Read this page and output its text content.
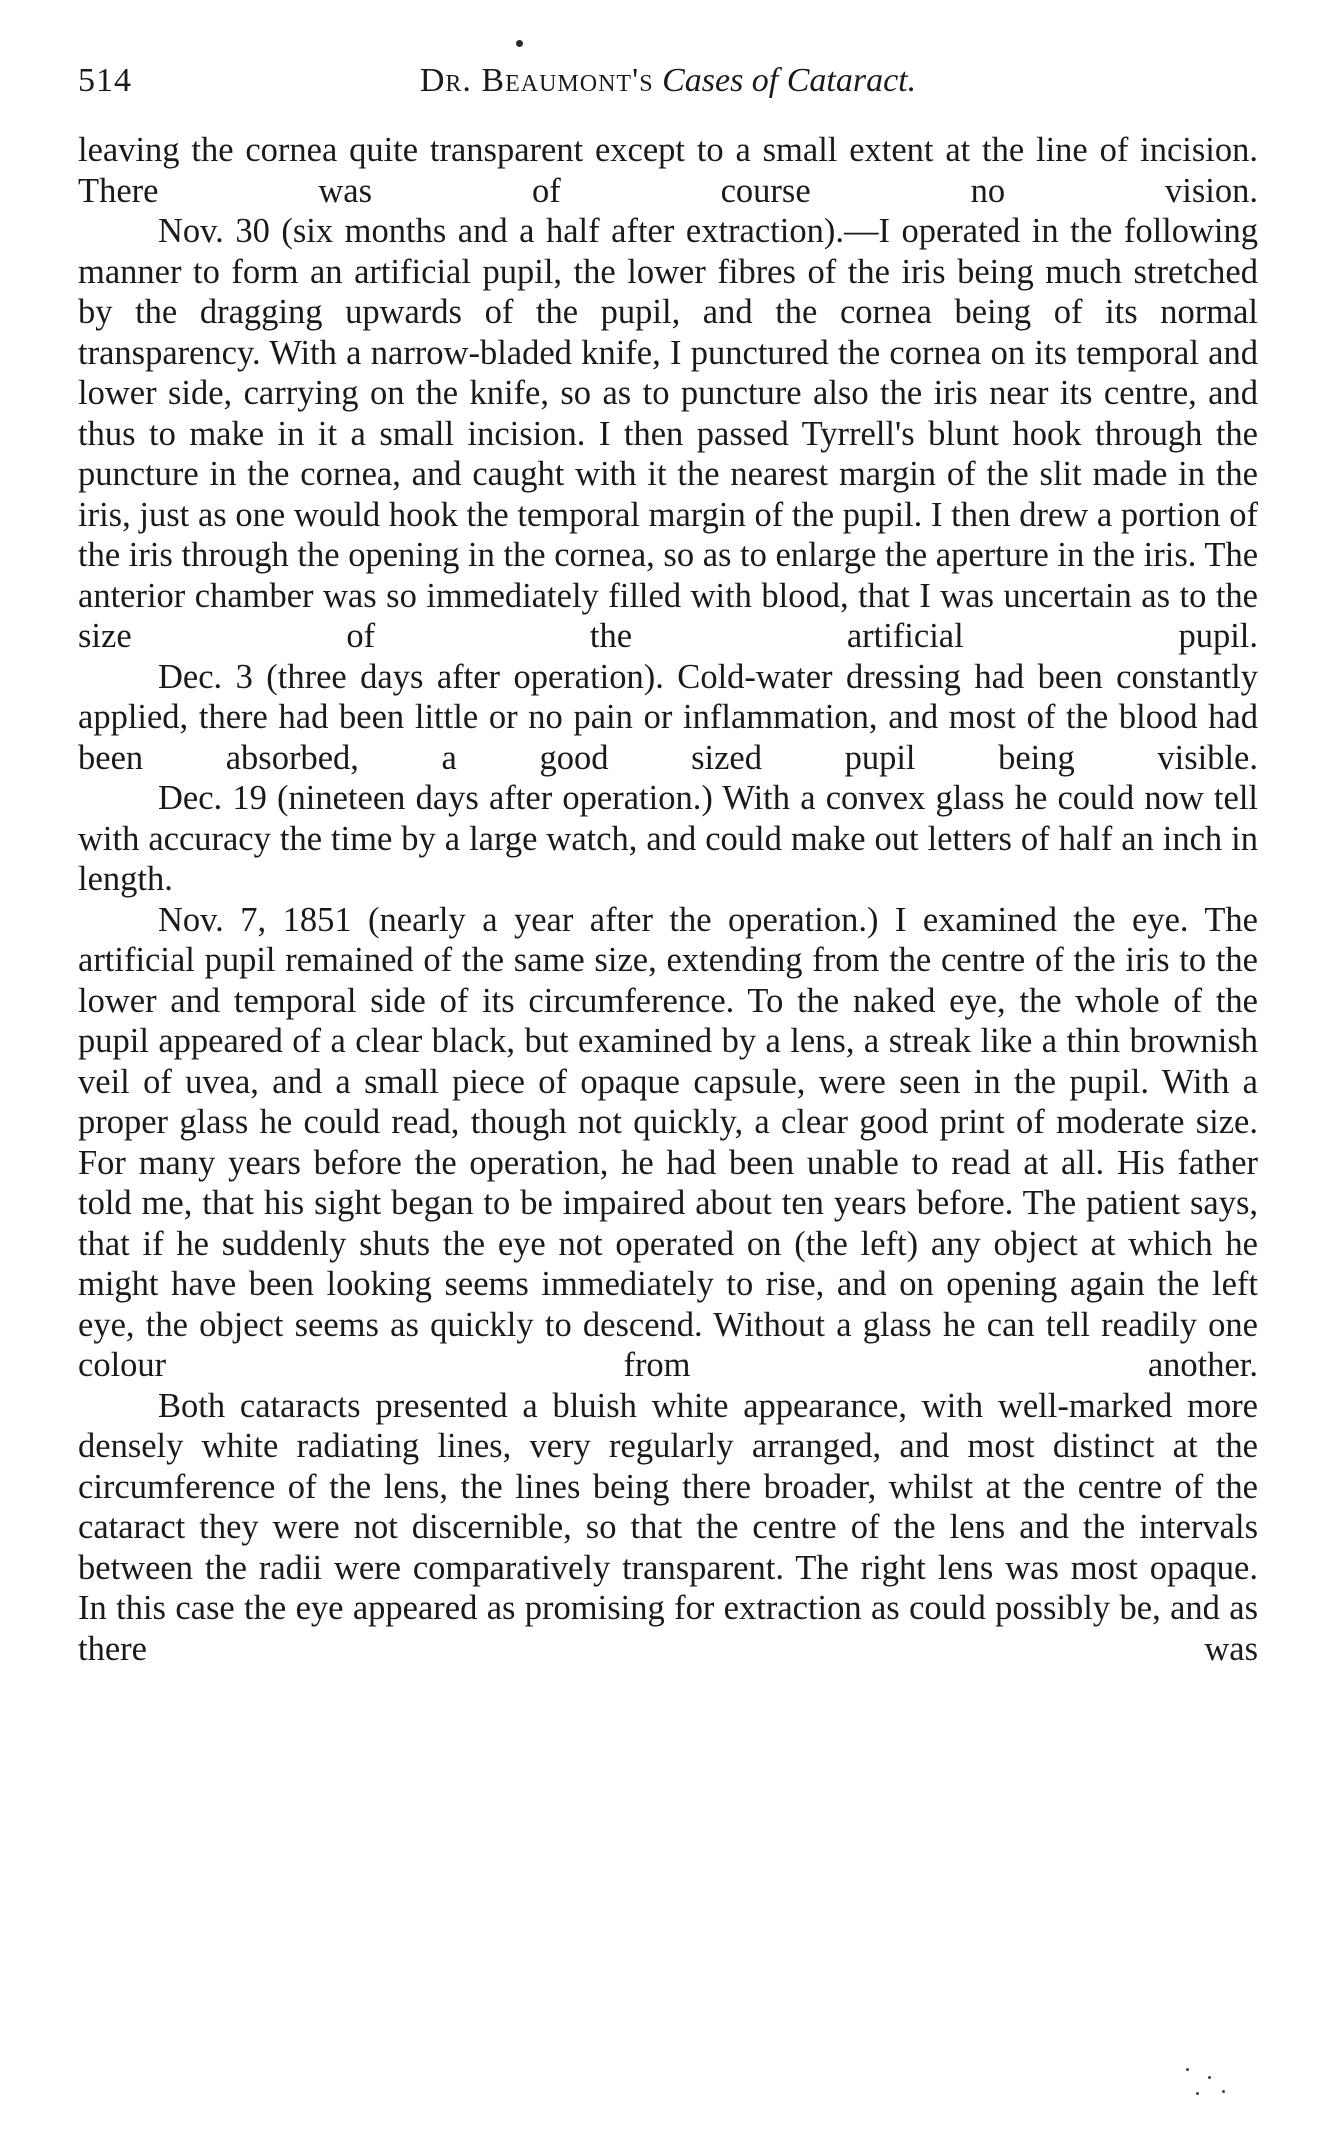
514	Dr. Beaumont's Cases of Cataract.

leaving the cornea quite transparent except to a small extent at the line of incision. There was of course no vision.

Nov. 30 (six months and a half after extraction).—I operated in the following manner to form an artificial pupil, the lower fibres of the iris being much stretched by the dragging upwards of the pupil, and the cornea being of its normal transparency. With a narrow-bladed knife, I punctured the cornea on its temporal and lower side, carrying on the knife, so as to puncture also the iris near its centre, and thus to make in it a small incision. I then passed Tyrrell's blunt hook through the puncture in the cornea, and caught with it the nearest margin of the slit made in the iris, just as one would hook the temporal margin of the pupil. I then drew a portion of the iris through the opening in the cornea, so as to enlarge the aperture in the iris. The anterior chamber was so immediately filled with blood, that I was uncertain as to the size of the artificial pupil.

Dec. 3 (three days after operation). Cold-water dressing had been constantly applied, there had been little or no pain or inflammation, and most of the blood had been absorbed, a good sized pupil being visible.

Dec. 19 (nineteen days after operation.) With a convex glass he could now tell with accuracy the time by a large watch, and could make out letters of half an inch in length.

Nov. 7, 1851 (nearly a year after the operation.) I examined the eye. The artificial pupil remained of the same size, extending from the centre of the iris to the lower and temporal side of its circumference. To the naked eye, the whole of the pupil appeared of a clear black, but examined by a lens, a streak like a thin brownish veil of uvea, and a small piece of opaque capsule, were seen in the pupil. With a proper glass he could read, though not quickly, a clear good print of moderate size. For many years before the operation, he had been unable to read at all. His father told me, that his sight began to be impaired about ten years before. The patient says, that if he suddenly shuts the eye not operated on (the left) any object at which he might have been looking seems immediately to rise, and on opening again the left eye, the object seems as quickly to descend. Without a glass he can tell readily one colour from another.

Both cataracts presented a bluish white appearance, with well-marked more densely white radiating lines, very regularly arranged, and most distinct at the circumference of the lens, the lines being there broader, whilst at the centre of the cataract they were not discernible, so that the centre of the lens and the intervals between the radii were comparatively transparent. The right lens was most opaque. In this case the eye appeared as promising for extraction as could possibly be, and as there was
